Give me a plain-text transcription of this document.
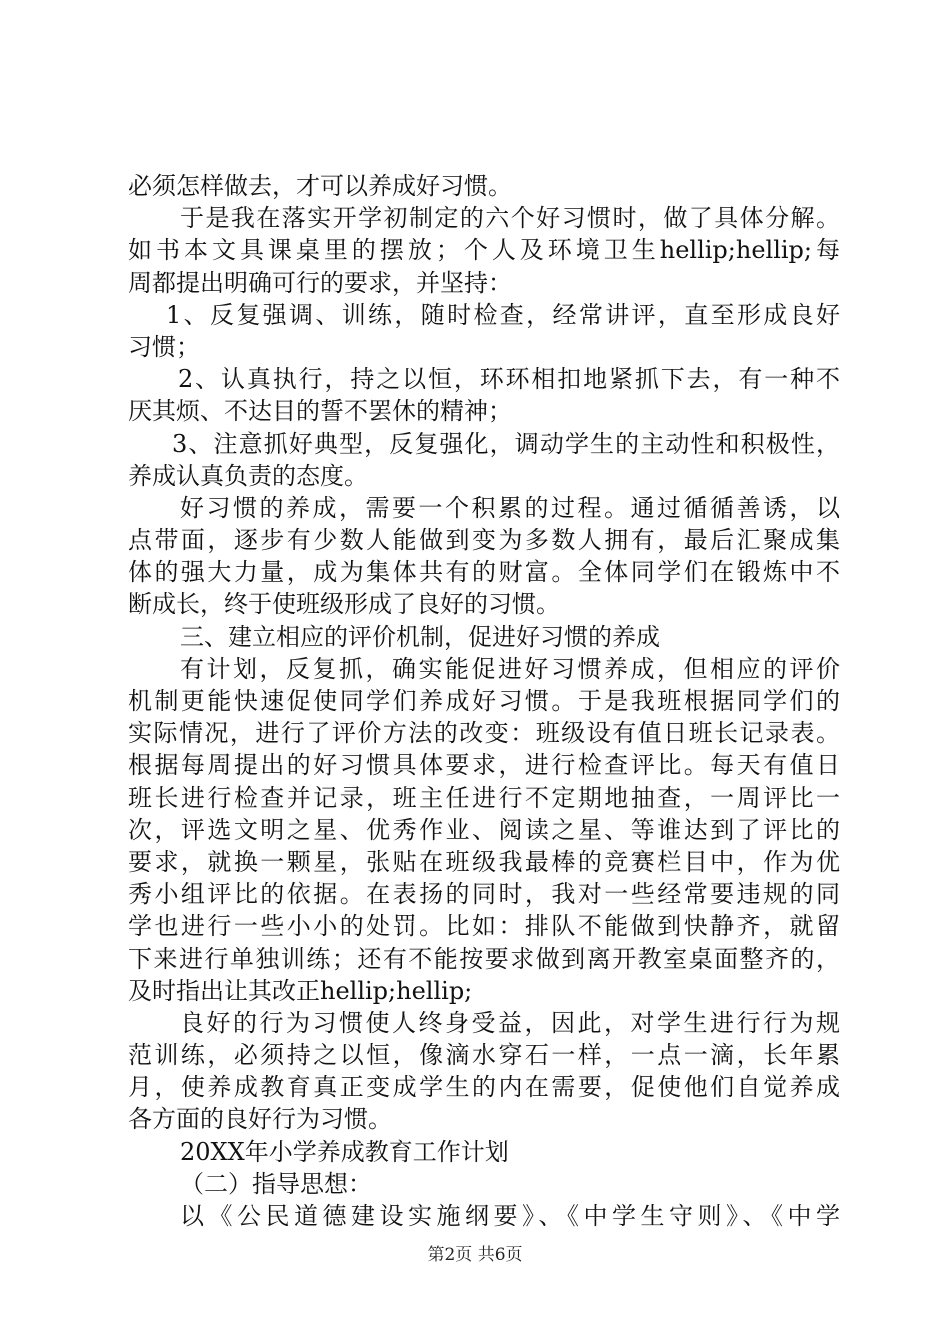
必须怎样做去，才可以养成好习惯。
于是我在落实开学初制定的六个好习惯时，做了具体分解。
如书本文具课桌里的摆放；个人及环境卫生hellip;hellip;每
周都提出明确可行的要求，并坚持：
1、反复强调、训练，随时检查，经常讲评，直至形成良好
习惯；
2、认真执行，持之以恒，环环相扣地紧抓下去，有一种不
厌其烦、不达目的誓不罢休的精神；
3、注意抓好典型，反复强化，调动学生的主动性和积极性，
养成认真负责的态度。
好习惯的养成，需要一个积累的过程。通过循循善诱，以
点带面，逐步有少数人能做到变为多数人拥有，最后汇聚成集
体的强大力量，成为集体共有的财富。全体同学们在锻炼中不
断成长，终于使班级形成了良好的习惯。
三、建立相应的评价机制，促进好习惯的养成
有计划，反复抓，确实能促进好习惯养成，但相应的评价
机制更能快速促使同学们养成好习惯。于是我班根据同学们的
实际情况，进行了评价方法的改变：班级设有值日班长记录表。
根据每周提出的好习惯具体要求，进行检查评比。每天有值日
班长进行检查并记录，班主任进行不定期地抽查，一周评比一
次，评选文明之星、优秀作业、阅读之星、等谁达到了评比的
要求，就换一颗星，张贴在班级我最棒的竞赛栏目中，作为优
秀小组评比的依据。在表扬的同时，我对一些经常要违规的同
学也进行一些小小的处罚。比如：排队不能做到快静齐，就留
下来进行单独训练；还有不能按要求做到离开教室桌面整齐的，
及时指出让其改正hellip;hellip;
良好的行为习惯使人终身受益，因此，对学生进行行为规
范训练，必须持之以恒，像滴水穿石一样，一点一滴，长年累
月，使养成教育真正变成学生的内在需要，促使他们自觉养成
各方面的良好行为习惯。
20XX年小学养成教育工作计划
（二）指导思想：
以《公民道德建设实施纲要》、《中学生守则》、《中学
第2页 共6页
